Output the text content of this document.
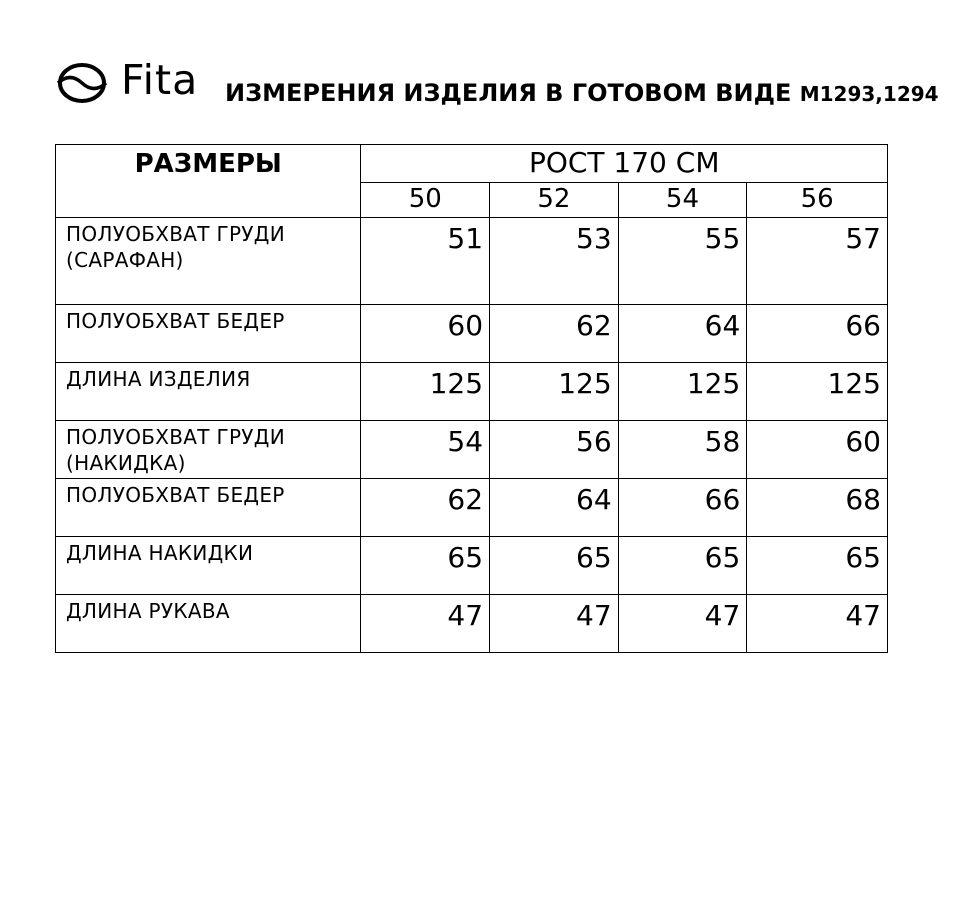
Fita ИЗМЕРЕНИЯ ИЗДЕЛИЯ В ГОТОВОМ ВИДЕ М1293,1294
РАЗМЕРЫ	РОСТ 170 СМ			
	50	52	54	56
ПОЛУОБХВАТ ГРУДИ
(САРАФАН)	51	53	55	57
ПОЛУОБХВАТ БЕДЕР	60	62	64	66
ДЛИНА ИЗДЕЛИЯ	125	125	125	125
ПОЛУОБХВАТ ГРУДИ
(НАКИДКА)	54	56	58	60
ПОЛУОБХВАТ БЕДЕР	62	64	66	68
ДЛИНА НАКИДКИ	65	65	65	65
ДЛИНА РУКАВА	47	47	47	47
